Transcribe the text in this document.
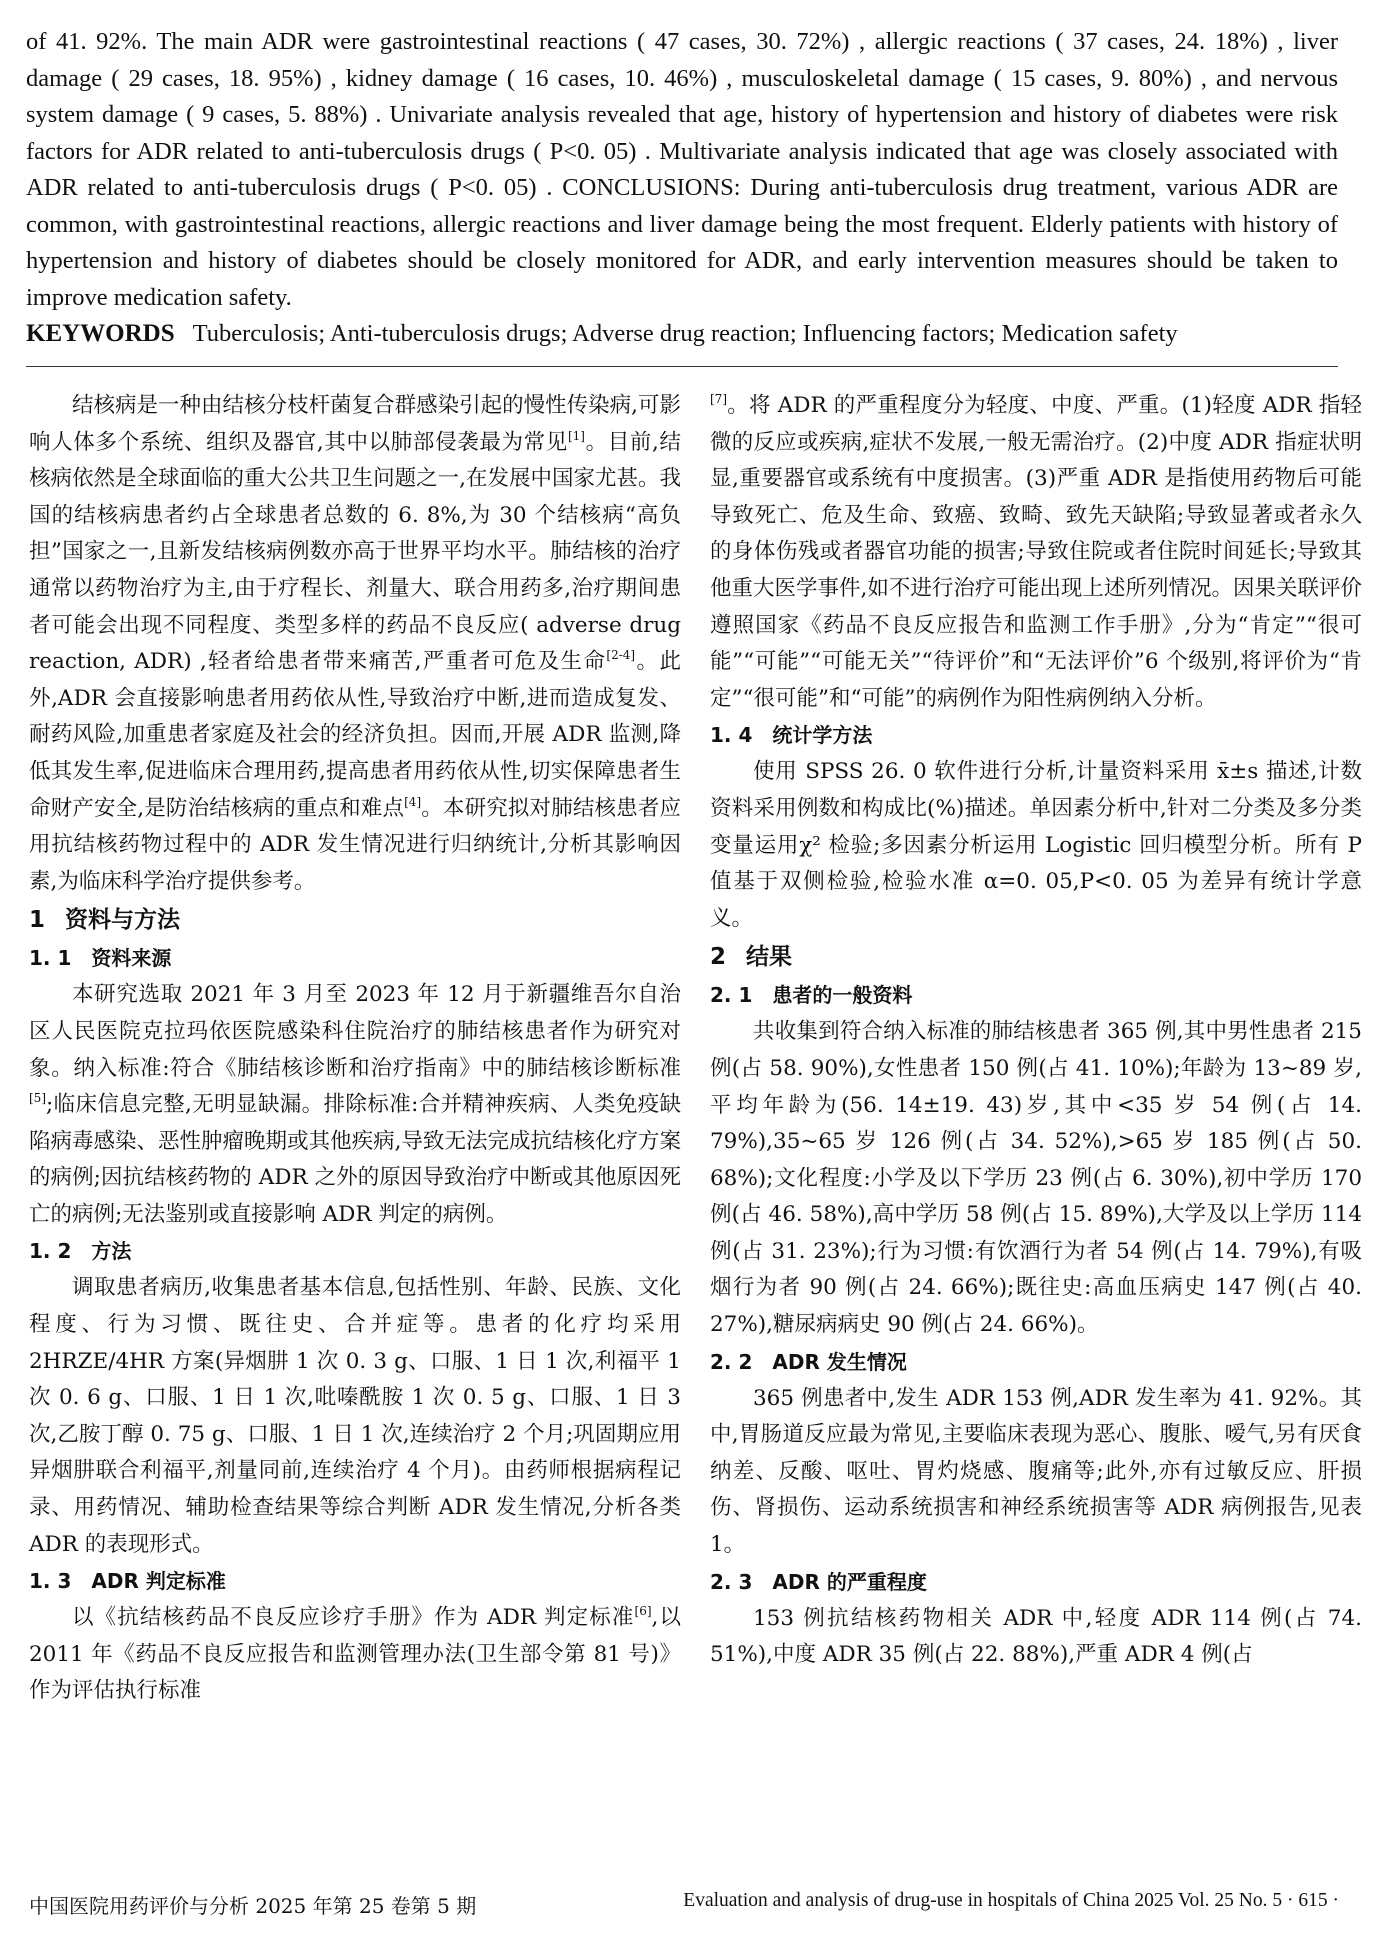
of 41. 92%. The main ADR were gastrointestinal reactions ( 47 cases, 30. 72%) , allergic reactions ( 37 cases, 24. 18%) , liver damage ( 29 cases, 18. 95%) , kidney damage ( 16 cases, 10. 46%) , musculoskeletal damage ( 15 cases, 9. 80%) , and nervous system damage ( 9 cases, 5. 88%) . Univariate analysis revealed that age, history of hypertension and history of diabetes were risk factors for ADR related to anti-tuberculosis drugs ( P<0. 05) . Multivariate analysis indicated that age was closely associated with ADR related to anti-tuberculosis drugs ( P<0. 05) . CONCLUSIONS: During anti-tuberculosis drug treatment, various ADR are common, with gastrointestinal reactions, allergic reactions and liver damage being the most frequent. Elderly patients with history of hypertension and history of diabetes should be closely monitored for ADR, and early intervention measures should be taken to improve medication safety.

KEYWORDS Tuberculosis; Anti-tuberculosis drugs; Adverse drug reaction; Influencing factors; Medication safety

结核病是一种由结核分枝杆菌复合群感染引起的慢性传染病,可影响人体多个系统、组织及器官,其中以肺部侵袭最为常见[1]。目前,结核病依然是全球面临的重大公共卫生问题之一,在发展中国家尤甚。我国的结核病患者约占全球患者总数的 6. 8%,为 30 个结核病“高负担”国家之一,且新发结核病例数亦高于世界平均水平。肺结核的治疗通常以药物治疗为主,由于疗程长、剂量大、联合用药多,治疗期间患者可能会出现不同程度、类型多样的药品不良反应( adverse drug reaction, ADR) ,轻者给患者带来痛苦,严重者可危及生命[2-4]。此外,ADR 会直接影响患者用药依从性,导致治疗中断,进而造成复发、耐药风险,加重患者家庭及社会的经济负担。因而,开展 ADR 监测,降低其发生率,促进临床合理用药,提高患者用药依从性,切实保障患者生命财产安全,是防治结核病的重点和难点[4]。本研究拟对肺结核患者应用抗结核药物过程中的 ADR 发生情况进行归纳统计,分析其影响因素,为临床科学治疗提供参考。

1 资料与方法
1. 1 资料来源

本研究选取 2021 年 3 月至 2023 年 12 月于新疆维吾尔自治区人民医院克拉玛依医院感染科住院治疗的肺结核患者作为研究对象。纳入标准:符合《肺结核诊断和治疗指南》中的肺结核诊断标准[5];临床信息完整,无明显缺漏。排除标准:合并精神疾病、人类免疫缺陷病毒感染、恶性肿瘤晚期或其他疾病,导致无法完成抗结核化疗方案的病例;因抗结核药物的 ADR 之外的原因导致治疗中断或其他原因死亡的病例;无法鉴别或直接影响 ADR 判定的病例。

1. 2 方法

调取患者病历,收集患者基本信息,包括性别、年龄、民族、文化程度、行为习惯、既往史、合并症等。患者的化疗均采用 2HRZE/4HR 方案(异烟肼 1 次 0. 3 g、口服、1 日 1 次,利福平 1 次 0. 6 g、口服、1 日 1 次,吡嗪酰胺 1 次 0. 5 g、口服、1 日 3 次,乙胺丁醇 0. 75 g、口服、1 日 1 次,连续治疗 2 个月;巩固期应用异烟肼联合利福平,剂量同前,连续治疗 4 个月)。由药师根据病程记录、用药情况、辅助检查结果等综合判断 ADR 发生情况,分析各类 ADR 的表现形式。

1. 3 ADR 判定标准

以《抗结核药品不良反应诊疗手册》作为 ADR 判定标准[6],以 2011 年《药品不良反应报告和监测管理办法(卫生部令第 81 号)》作为评估执行标准

[7]。将 ADR 的严重程度分为轻度、中度、严重。(1)轻度 ADR 指轻微的反应或疾病,症状不发展,一般无需治疗。(2)中度 ADR 指症状明显,重要器官或系统有中度损害。(3)严重 ADR 是指使用药物后可能导致死亡、危及生命、致癌、致畸、致先天缺陷;导致显著或者永久的身体伤残或者器官功能的损害;导致住院或者住院时间延长;导致其他重大医学事件,如不进行治疗可能出现上述所列情况。因果关联评价遵照国家《药品不良反应报告和监测工作手册》,分为“肯定”“很可能”“可能”“可能无关”“待评价”和“无法评价”6 个级别,将评价为“肯定”“很可能”和“可能”的病例作为阳性病例纳入分析。

1. 4 统计学方法

使用 SPSS 26. 0 软件进行分析,计量资料采用 x̄±s 描述,计数资料采用例数和构成比(%)描述。单因素分析中,针对二分类及多分类变量运用χ² 检验;多因素分析运用 Logistic 回归模型分析。所有 P 值基于双侧检验,检验水准 α=0. 05,P<0. 05 为差异有统计学意义。

2 结果
2. 1 患者的一般资料

共收集到符合纳入标准的肺结核患者 365 例,其中男性患者 215 例(占 58. 90%),女性患者 150 例(占 41. 10%);年龄为 13~89 岁,平均年龄为(56. 14±19. 43)岁,其中<35 岁 54 例(占 14. 79%),35~65 岁 126 例(占 34. 52%),>65 岁 185 例(占 50. 68%);文化程度:小学及以下学历 23 例(占 6. 30%),初中学历 170 例(占 46. 58%),高中学历 58 例(占 15. 89%),大学及以上学历 114 例(占 31. 23%);行为习惯:有饮酒行为者 54 例(占 14. 79%),有吸烟行为者 90 例(占 24. 66%);既往史:高血压病史 147 例(占 40. 27%),糖尿病病史 90 例(占 24. 66%)。

2. 2 ADR 发生情况

365 例患者中,发生 ADR 153 例,ADR 发生率为 41. 92%。其中,胃肠道反应最为常见,主要临床表现为恶心、腹胀、嗳气,另有厌食纳差、反酸、呕吐、胃灼烧感、腹痛等;此外,亦有过敏反应、肝损伤、肾损伤、运动系统损害和神经系统损害等 ADR 病例报告,见表 1。

2. 3 ADR 的严重程度

153 例抗结核药物相关 ADR 中,轻度 ADR 114 例(占 74. 51%),中度 ADR 35 例(占 22. 88%),严重 ADR 4 例(占

中国医院用药评价与分析 2025 年第 25 卷第 5 期	Evaluation and analysis of drug-use in hospitals of China 2025 Vol. 25 No. 5 · 615 ·
